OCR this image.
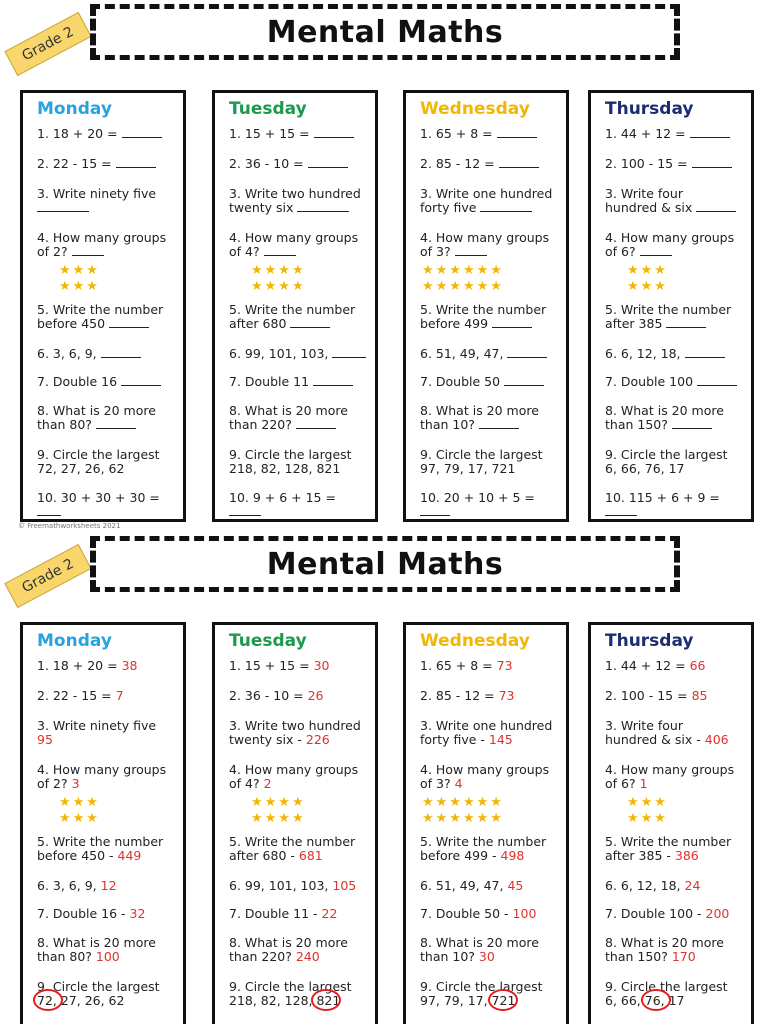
Grade 2	Mental Maths
Monday
1. 18 + 20 =
2. 22 - 15 =
3. Write ninety five

4. How many groups
of 2?
★★★
★★★
5. Write the number
before 450
6. 3, 6, 9,
7. Double 16
8. What is 20 more
than 80?
9. Circle the largest
72, 27, 26, 62
10. 30 + 30 + 30 =
Tuesday
1. 15 + 15 =
2. 36 - 10 =
3. Write two hundred
twenty six
4. How many groups
of 4?
★★★★
★★★★
5. Write the number
after 680
6. 99, 101, 103,
7. Double 11
8. What is 20 more
than 220?
9. Circle the largest
218, 82, 128, 821
10. 9 + 6 + 15 =
Wednesday
1. 65 + 8 =
2. 85 - 12 =
3. Write one hundred
forty five
4. How many groups
of 3?
★★★★★★
★★★★★★
5. Write the number
before 499
6. 51, 49, 47,
7. Double 50
8. What is 20 more
than 10?
9. Circle the largest
97, 79, 17, 721
10. 20 + 10 + 5 =
Thursday
1. 44 + 12 =
2. 100 - 15 =
3. Write four
hundred & six
4. How many groups
of 6?
★★★
★★★
5. Write the number
after 385
6. 6, 12, 18,
7. Double 100
8. What is 20 more
than 150?
9. Circle the largest
6, 66, 76, 17
10. 115 + 6 + 9 =
© Freemathworksheets 2021
Grade 2	Mental Maths
Monday
1. 18 + 20 = 38
2. 22 - 15 = 7
3. Write ninety five
95
4. How many groups
of 2? 3
★★★
★★★
5. Write the number
before 450 - 449
6. 3, 6, 9, 12
7. Double 16 - 32
8. What is 20 more
than 80? 100
9. Circle the largest
72, 27, 26, 62
Tuesday
1. 15 + 15 = 30
2. 36 - 10 = 26
3. Write two hundred
twenty six - 226
4. How many groups
of 4? 2
★★★★
★★★★
5. Write the number
after 680 - 681
6. 99, 101, 103, 105
7. Double 11 - 22
8. What is 20 more
than 220? 240
9. Circle the largest
218, 82, 128, 821
Wednesday
1. 65 + 8 = 73
2. 85 - 12 = 73
3. Write one hundred
forty five - 145
4. How many groups
of 3? 4
★★★★★★
★★★★★★
5. Write the number
before 499 - 498
6. 51, 49, 47, 45
7. Double 50 - 100
8. What is 20 more
than 10? 30
9. Circle the largest
97, 79, 17, 721
Thursday
1. 44 + 12 = 66
2. 100 - 15 = 85
3. Write four
hundred & six - 406
4. How many groups
of 6? 1
★★★
★★★
5. Write the number
after 385 - 386
6. 6, 12, 18, 24
7. Double 100 - 200
8. What is 20 more
than 150? 170
9. Circle the largest
6, 66, 76, 17
